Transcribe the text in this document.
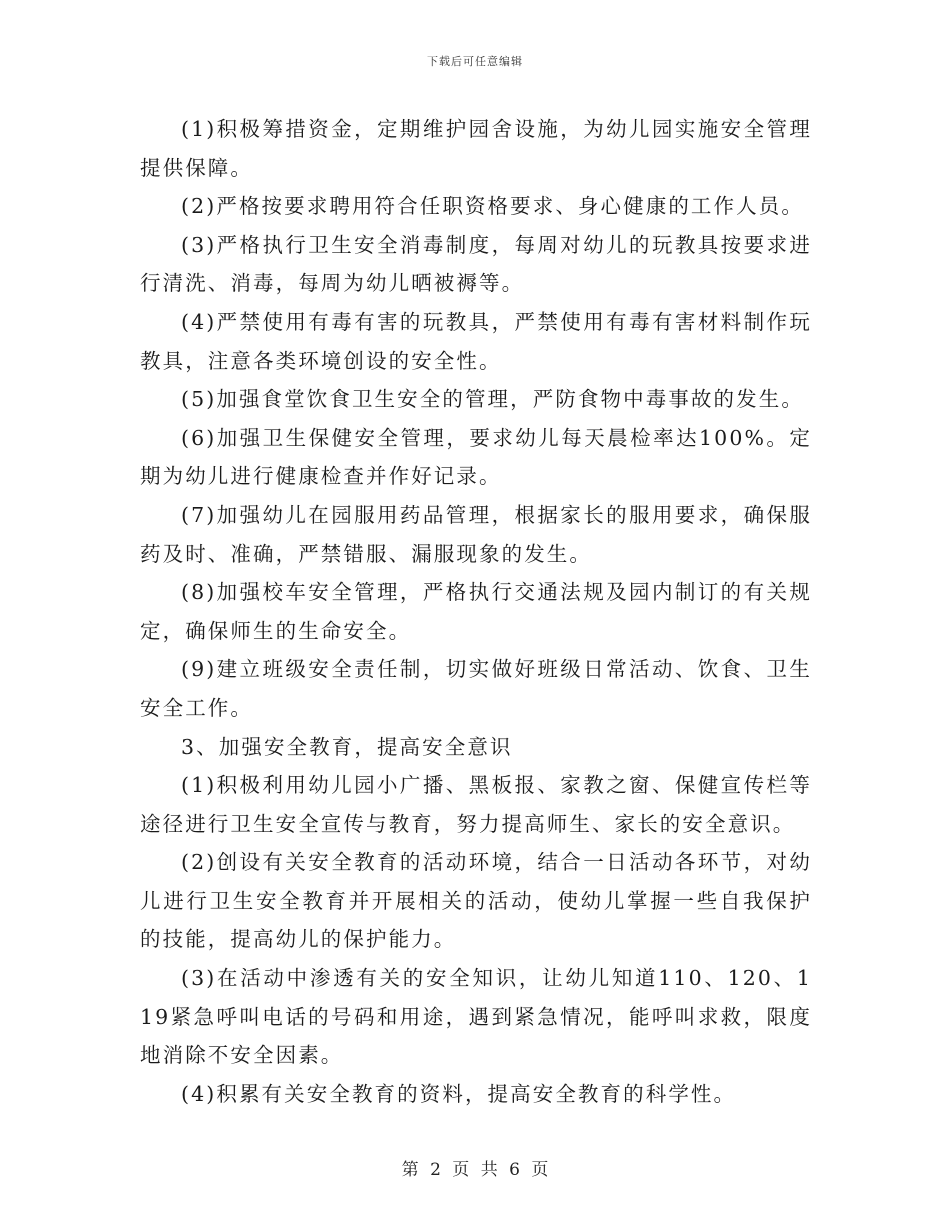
下载后可任意编辑

(1)积极筹措资金，定期维护园舍设施，为幼儿园实施安全管理提供保障。

(2)严格按要求聘用符合任职资格要求、身心健康的工作人员。

(3)严格执行卫生安全消毒制度，每周对幼儿的玩教具按要求进行清洗、消毒，每周为幼儿晒被褥等。

(4)严禁使用有毒有害的玩教具，严禁使用有毒有害材料制作玩教具，注意各类环境创设的安全性。

(5)加强食堂饮食卫生安全的管理，严防食物中毒事故的发生。

(6)加强卫生保健安全管理，要求幼儿每天晨检率达100%。定期为幼儿进行健康检查并作好记录。

(7)加强幼儿在园服用药品管理，根据家长的服用要求，确保服药及时、准确，严禁错服、漏服现象的发生。

(8)加强校车安全管理，严格执行交通法规及园内制订的有关规定，确保师生的生命安全。

(9)建立班级安全责任制，切实做好班级日常活动、饮食、卫生安全工作。

3、加强安全教育，提高安全意识

(1)积极利用幼儿园小广播、黑板报、家教之窗、保健宣传栏等途径进行卫生安全宣传与教育，努力提高师生、家长的安全意识。

(2)创设有关安全教育的活动环境，结合一日活动各环节，对幼儿进行卫生安全教育并开展相关的活动，使幼儿掌握一些自我保护的技能，提高幼儿的保护能力。

(3)在活动中渗透有关的安全知识，让幼儿知道110、120、119紧急呼叫电话的号码和用途，遇到紧急情况，能呼叫求救，限度地消除不安全因素。

(4)积累有关安全教育的资料，提高安全教育的科学性。

第 2 页 共 6 页
